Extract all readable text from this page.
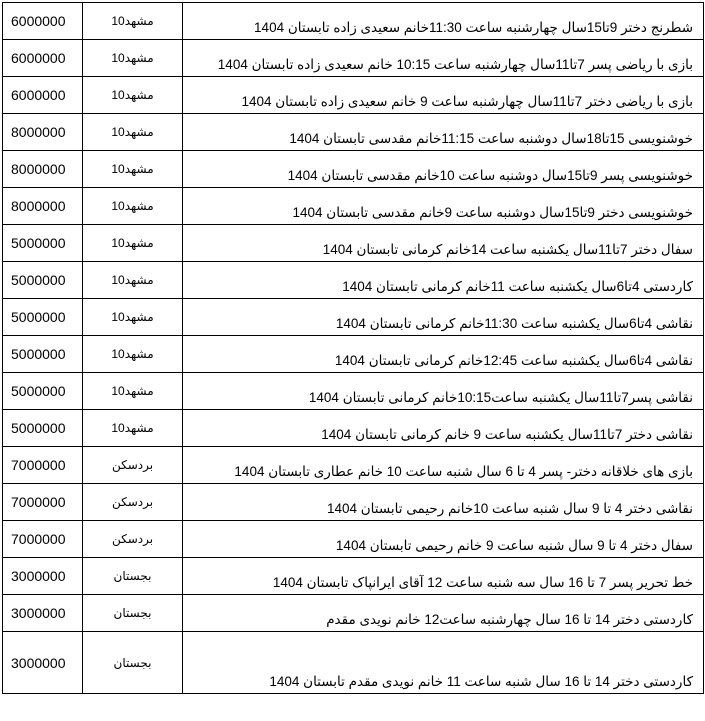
6000000	مشهد10	شطرنج دختر 9تا15سال چهارشنبه ساعت 11:30خانم سعیدی زاده تابستان 1404

6000000	مشهد10	بازی با ریاضی پسر 7تا11سال چهارشنبه ساعت 10:15 خانم سعیدی زاده تابستان 1404

6000000	مشهد10	بازی با ریاضی دختر 7تا11سال چهارشنبه ساعت 9 خانم سعیدی زاده تابستان 1404

8000000	مشهد10	خوشنویسی 15تا18سال دوشنبه ساعت 11:15خانم مقدسی تابستان 1404

8000000	مشهد10	خوشنویسی پسر 9تا15سال دوشنبه ساعت 10خانم مقدسی تابستان 1404

8000000	مشهد10	خوشنویسی دختر 9تا15سال دوشنبه ساعت 9خانم مقدسی تابستان 1404

5000000	مشهد10	سفال دختر 7تا11سال یکشنبه ساعت 14خانم کرمانی تابستان 1404

5000000	مشهد10	کاردستی 4تا6سال یکشنبه ساعت 11خانم کرمانی تابستان 1404

5000000	مشهد10	نقاشی 4تا6سال یکشنبه ساعت 11:30خانم کرمانی تابستان 1404

5000000	مشهد10	نقاشی 4تا6سال یکشنبه ساعت 12:45خانم کرمانی تابستان 1404

5000000	مشهد10	نقاشی پسر7تا11سال یکشنبه ساعت10:15خانم کرمانی تابستان 1404

5000000	مشهد10	نقاشی دختر 7تا11سال یکشنبه ساعت 9 خانم کرمانی تابستان 1404

7000000	بردسکن	بازی های خلاقانه دختر- پسر 4 تا 6 سال شنبه ساعت 10 خانم عطاری تابستان 1404

7000000	بردسکن	نقاشی دختر 4 تا 9 سال شنبه ساعت 10خانم رحیمی تابستان 1404

7000000	بردسکن	سفال دختر 4 تا 9 سال شنبه ساعت 9 خانم رحیمی تابستان 1404

3000000	بجستان	خط تحریر پسر 7 تا 16 سال سه شنبه ساعت 12 آقای ایرانپاک تابستان 1404

3000000	بجستان	کاردستی دختر 14 تا 16 سال چهارشنبه ساعت12 خانم نویدی مقدم

3000000	بجستان	کاردستی دختر 14 تا 16 سال شنبه ساعت 11 خانم نویدی مقدم تابستان 1404
